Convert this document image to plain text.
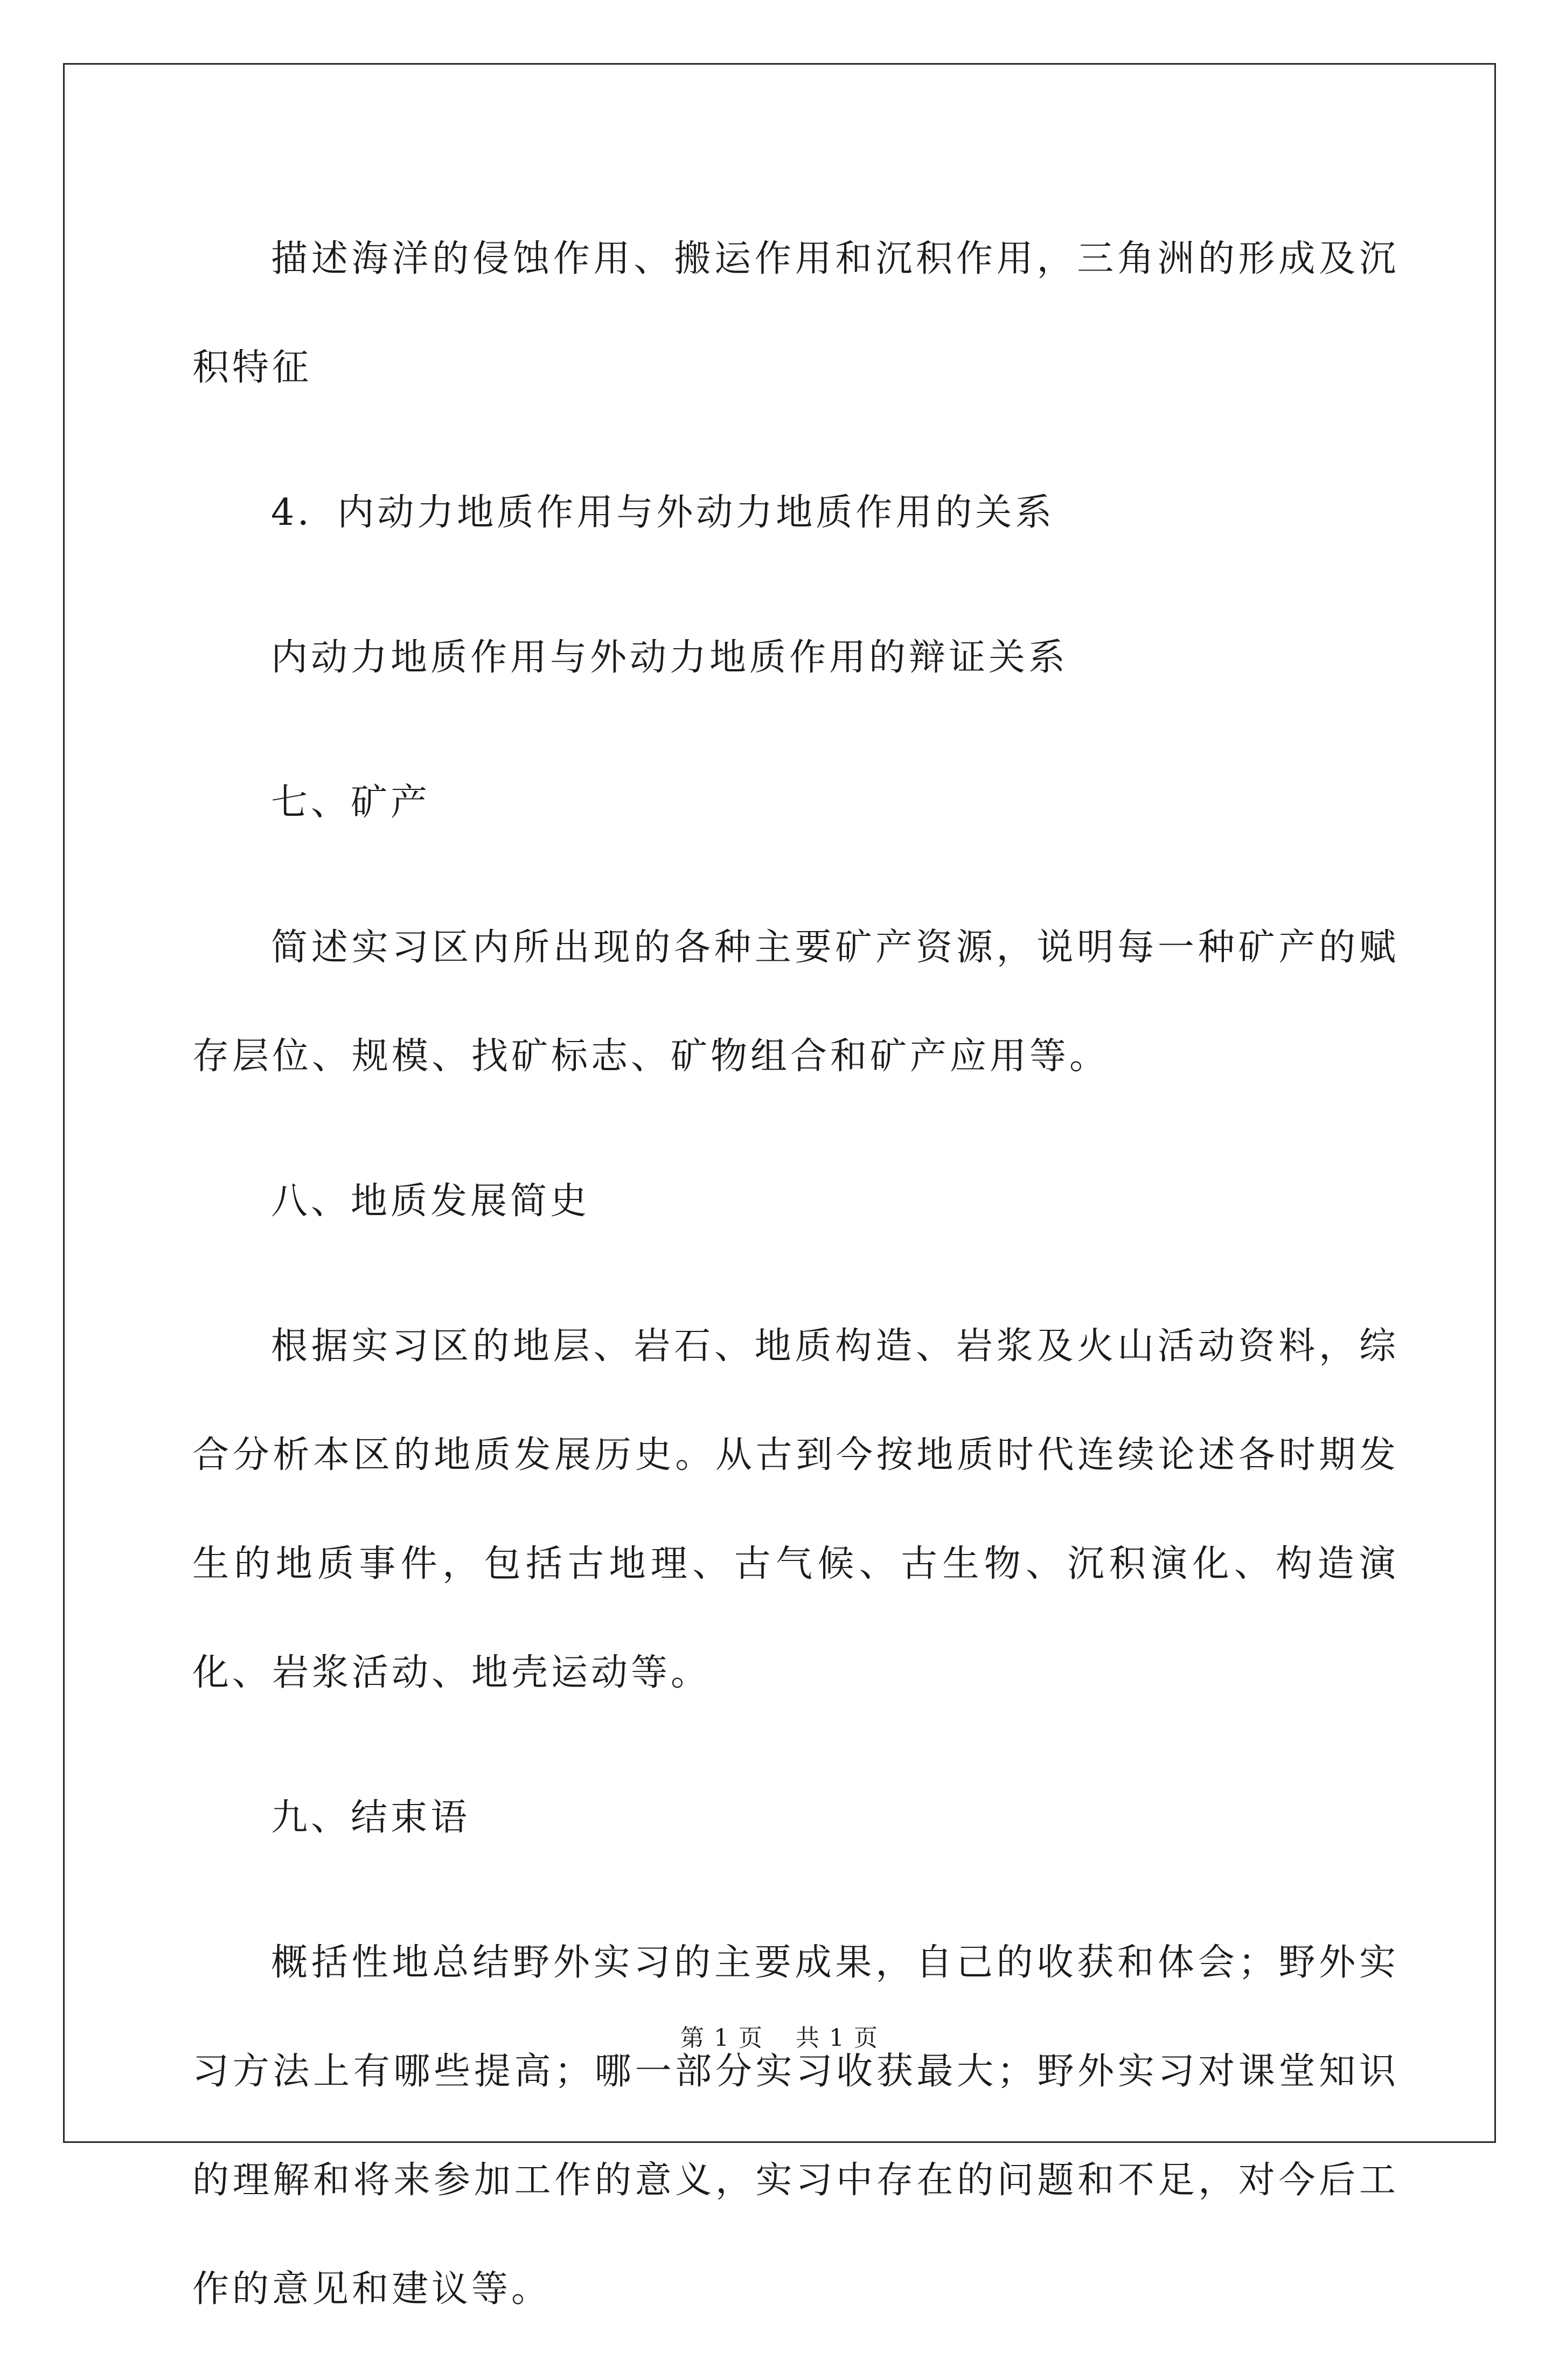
描述海洋的侵蚀作用、搬运作用和沉积作用，三角洲的形成及沉积特征

4．内动力地质作用与外动力地质作用的关系

内动力地质作用与外动力地质作用的辩证关系

七、矿产

简述实习区内所出现的各种主要矿产资源，说明每一种矿产的赋存层位、规模、找矿标志、矿物组合和矿产应用等。

八、地质发展简史

根据实习区的地层、岩石、地质构造、岩浆及火山活动资料，综合分析本区的地质发展历史。从古到今按地质时代连续论述各时期发生的地质事件，包括古地理、古气候、古生物、沉积演化、构造演化、岩浆活动、地壳运动等。

九、结束语

概括性地总结野外实习的主要成果，自己的收获和体会；野外实习方法上有哪些提高；哪一部分实习收获最大；野外实习对课堂知识的理解和将来参加工作的意义，实习中存在的问题和不足，对今后工作的意见和建议等。

第 1 页 共 1 页
